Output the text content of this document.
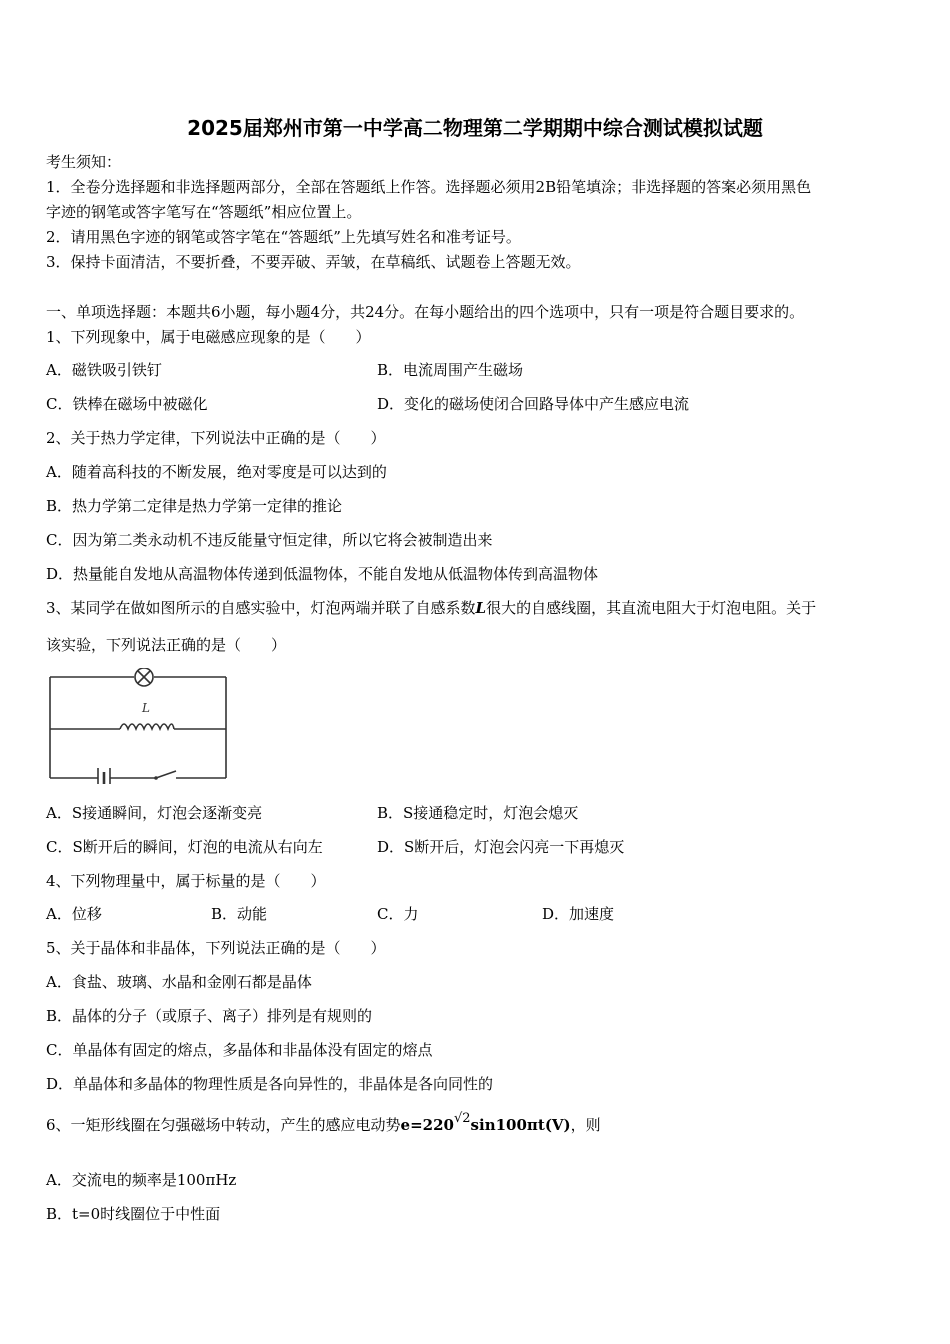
2025届郑州市第一中学高二物理第二学期期中综合测试模拟试题
考生须知：
1．全卷分选择题和非选择题两部分，全部在答题纸上作答。选择题必须用2B铅笔填涂；非选择题的答案必须用黑色
字迹的钢笔或答字笔写在“答题纸”相应位置上。
2．请用黑色字迹的钢笔或答字笔在“答题纸”上先填写姓名和准考证号。
3．保持卡面清洁，不要折叠，不要弄破、弄皱，在草稿纸、试题卷上答题无效。
一、单项选择题：本题共6小题，每小题4分，共24分。在每小题给出的四个选项中，只有一项是符合题目要求的。
1、下列现象中，属于电磁感应现象的是（　　）
A．磁铁吸引铁钉	B．电流周围产生磁场
C．铁棒在磁场中被磁化	D．变化的磁场使闭合回路导体中产生感应电流
2、关于热力学定律，下列说法中正确的是（　　）
A．随着高科技的不断发展，绝对零度是可以达到的
B．热力学第二定律是热力学第一定律的推论
C．因为第二类永动机不违反能量守恒定律，所以它将会被制造出来
D．热量能自发地从高温物体传递到低温物体，不能自发地从低温物体传到高温物体
3、某同学在做如图所示的自感实验中，灯泡两端并联了自感系数L很大的自感线圈，其直流电阻大于灯泡电阻。关于
该实验，下列说法正确的是（　　）
L
A．S接通瞬间，灯泡会逐渐变亮	B．S接通稳定时，灯泡会熄灭
C．S断开后的瞬间，灯泡的电流从右向左	D．S断开后，灯泡会闪亮一下再熄灭
4、下列物理量中，属于标量的是（　　）
A．位移	B．动能	C．力	D．加速度
5、关于晶体和非晶体，下列说法正确的是（　　）
A．食盐、玻璃、水晶和金刚石都是晶体
B．晶体的分子（或原子、离子）排列是有规则的
C．单晶体有固定的熔点，多晶体和非晶体没有固定的熔点
D．单晶体和多晶体的物理性质是各向异性的，非晶体是各向同性的
6、一矩形线圈在匀强磁场中转动，产生的感应电动势e=220√2sin100πt(V)，则
A．交流电的频率是100πHz
B．t=0时线圈位于中性面
